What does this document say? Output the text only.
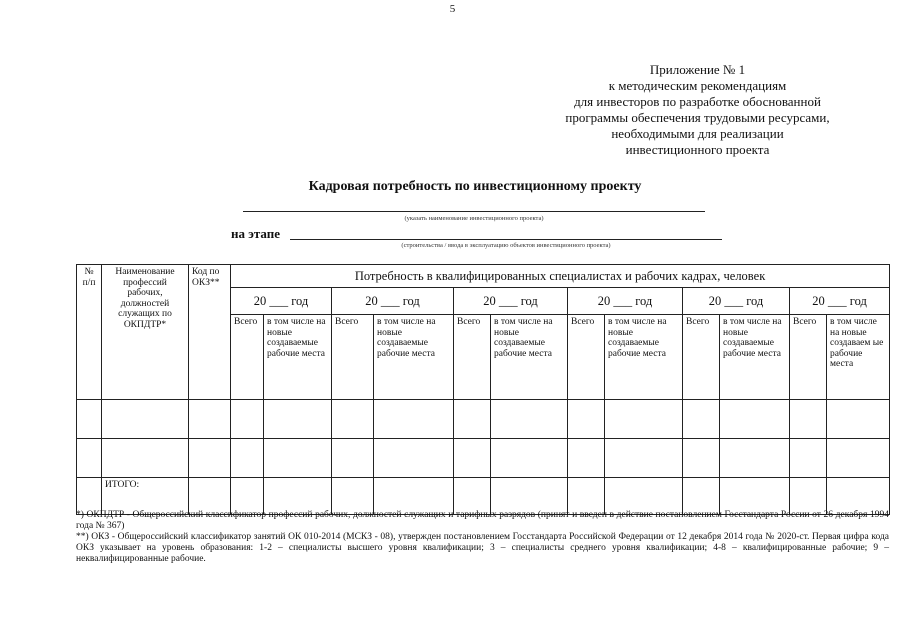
5
Приложение № 1
к методическим рекомендациям
для инвесторов по разработке обоснованной
программы обеспечения трудовыми ресурсами,
необходимыми для реализации
инвестиционного проекта
Кадровая потребность по инвестиционному проекту
(указать наименование инвестиционного проекта)
на этапе
(строительства / ввода в эксплуатацию объектов инвестиционного проекта)
№ п/п	Наименование профессий рабочих, должностей служащих по ОКПДТР*	Код по ОКЗ**	Потребность в квалифицированных специалистах и рабочих кадрах, человек											
			20 ___ год		20 ___ год		20 ___ год		20 ___ год		20 ___ год		20 ___ год	
			Всего	в том числе на новые создаваемые рабочие места	Всего	в том числе на новые создаваемые рабочие места	Всего	в том числе на новые создаваемые рабочие места	Всего	в том числе на новые создаваемые рабочие места	Всего	в том числе на новые создаваемые рабочие места	Всего	в том числе на новые создаваем ые рабочие места

	ИТОГО:													

*) ОКПДТР - Общероссийский классификатор профессий рабочих, должностей служащих и тарифных разрядов (принят и введен в действие постановлением Госстандарта России от 26 декабря 1994 года № 367)

**) ОКЗ - Общероссийский классификатор занятий ОК 010-2014 (МСКЗ - 08), утвержден постановлением Госстандарта Российской Федерации от 12 декабря 2014 года № 2020-ст. Первая цифра кода ОКЗ указывает на уровень образования: 1-2 – специалисты высшего уровня квалификации; 3 – специалисты среднего уровня квалификации; 4-8 – квалифицированные рабочие; 9 – неквалифицированные рабочие.
